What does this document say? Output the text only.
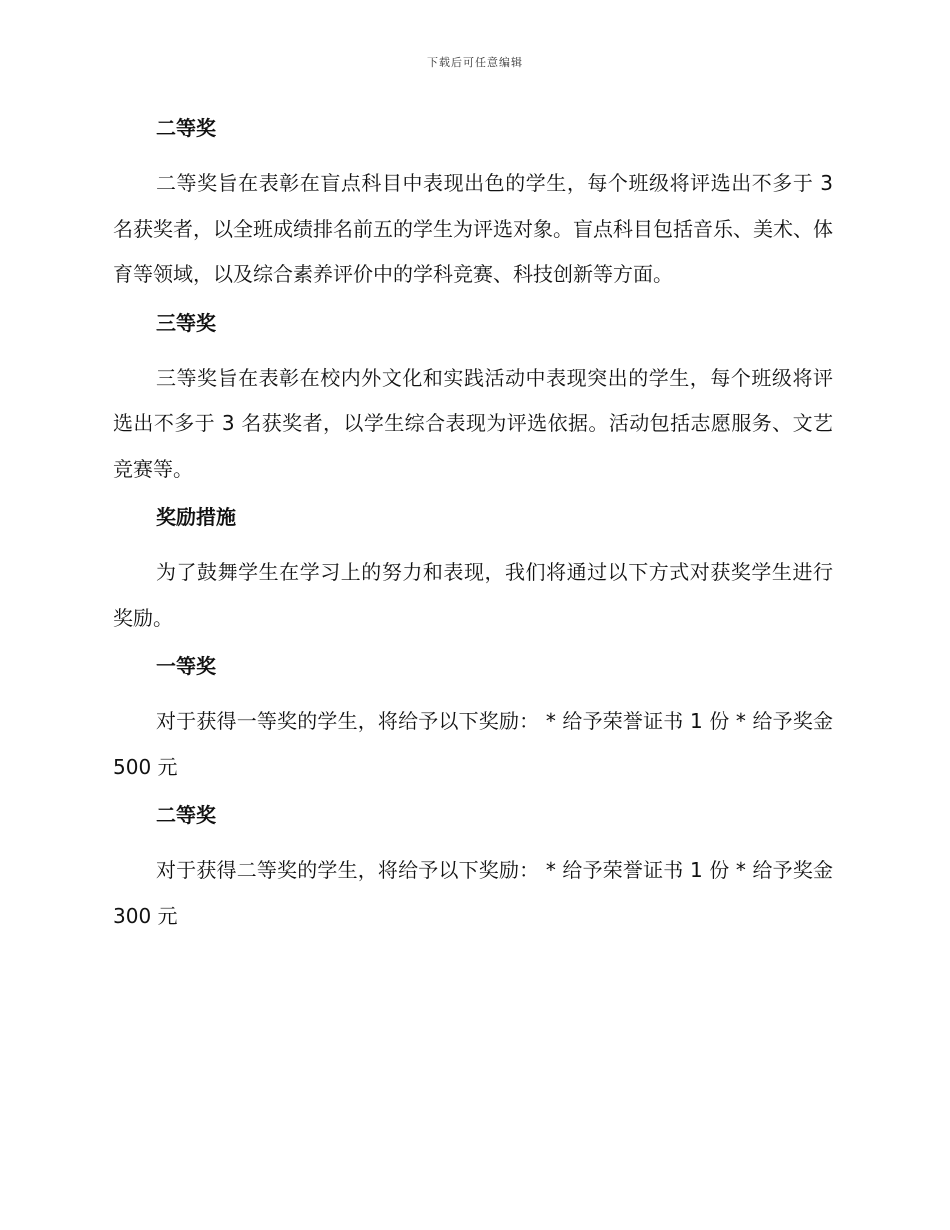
下载后可任意编辑
二等奖

二等奖旨在表彰在盲点科目中表现出色的学生，每个班级将评选出不多于 3 名获奖者，以全班成绩排名前五的学生为评选对象。盲点科目包括音乐、美术、体育等领域，以及综合素养评价中的学科竞赛、科技创新等方面。

三等奖

三等奖旨在表彰在校内外文化和实践活动中表现突出的学生，每个班级将评选出不多于 3 名获奖者，以学生综合表现为评选依据。活动包括志愿服务、文艺竞赛等。

奖励措施

为了鼓舞学生在学习上的努力和表现，我们将通过以下方式对获奖学生进行奖励。

一等奖

对于获得一等奖的学生，将给予以下奖励： * 给予荣誉证书 1 份 * 给予奖金 500 元

二等奖

对于获得二等奖的学生，将给予以下奖励： * 给予荣誉证书 1 份 * 给予奖金 300 元
